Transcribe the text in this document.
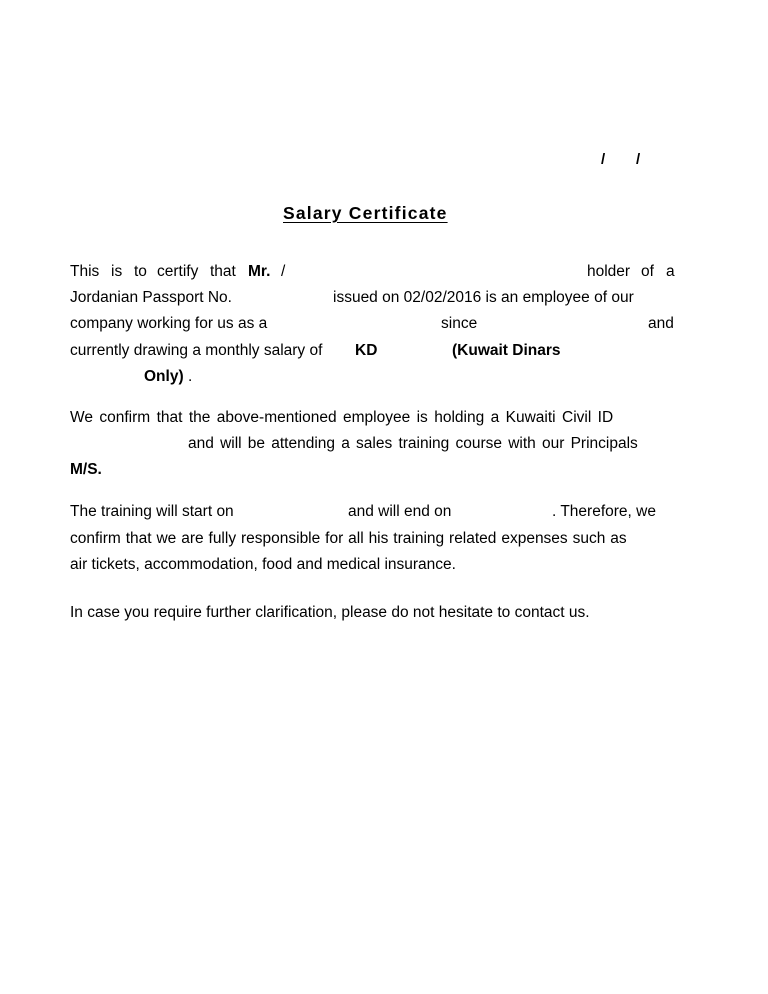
/ /
Salary Certificate
This is to certify that Mr. /	holder of a
Jordanian Passport No.	issued on 02/02/2016 is an employee of our
company working for us as a	since	and
currently drawing a monthly salary of KD	(Kuwait Dinars
Only) .
We confirm that the above-mentioned employee is holding a Kuwaiti Civil ID
and will be attending a sales training course with our Principals
M/S.
The training will start on	and will end on	. Therefore, we
confirm that we are fully responsible for all his training related expenses such as
air tickets, accommodation, food and medical insurance.
In case you require further clarification, please do not hesitate to contact us.
